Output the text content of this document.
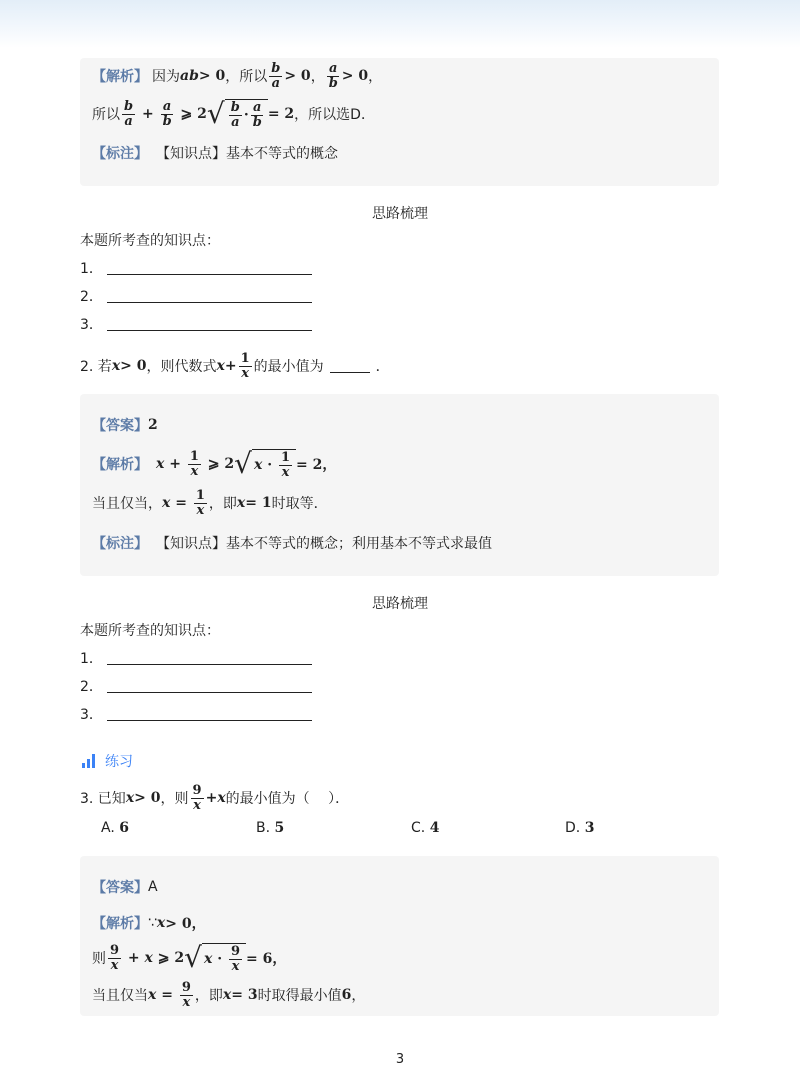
【解析】 因为 ab > 0 ，所以 $\frac{b}{a} > 0$ ， $\frac{a}{b} > 0$ ，
所以 $\frac{b}{a} + \frac{a}{b}$ ⩾ 2 √ $\frac{b}{a} \cdot \frac{a}{b} = 2$ ，所以选D．
【标注】 【知识点】基本不等式的概念
思路梳理
本题所考查的知识点：
1．
2．
3．
2. 若 x > 0 ，则代数式 $x + \frac{1}{x}$ 的最小值为	．
【答案】 2
【解析】 $x + \frac{1}{x}$ ⩾ 2 √ $x \cdot \frac{1}{x} = 2$，
当且仅当， $x = \frac{1}{x}$ ，即 x = 1 时取等．
【标注】 【知识点】基本不等式的概念；利用基本不等式求最值
思路梳理
本题所考查的知识点：
1．
2．
3．
练习
3. 已知 x > 0 ，则 $\frac{9}{x} + x$ 的最小值为（　 ）．
A. 6	B. 5	C. 4	D. 3
【答案】 A
【解析】 ∵ x > 0，
则 $\frac{9}{x} + x$ ⩾ 2 √ $x \cdot \frac{9}{x} = 6$，
当且仅当 $x = \frac{9}{x}$ ，即 x = 3 时取得最小值 6 ，
3
